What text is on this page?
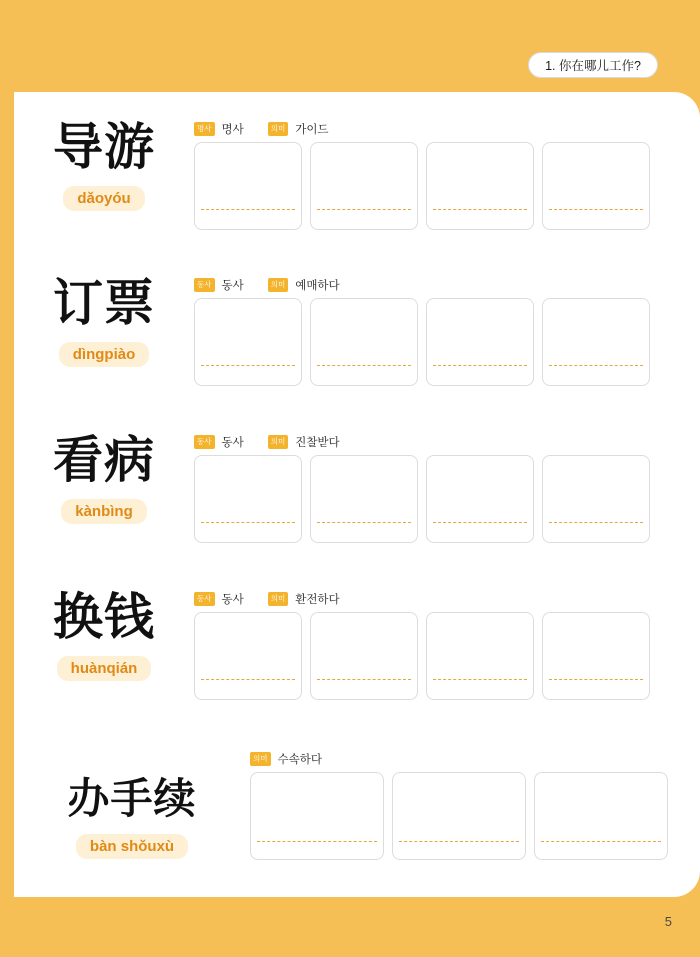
1. 你在哪儿工作?
导游
dǎoyóu
명사 명사	의미 가이드
订票
dìngpiào
동사 동사	의미 예매하다
看病
kànbìng
동사 동사	의미 진찰받다
换钱
huànqián
동사 동사	의미 환전하다
办手续
bàn shǒuxù
의미 수속하다
5
